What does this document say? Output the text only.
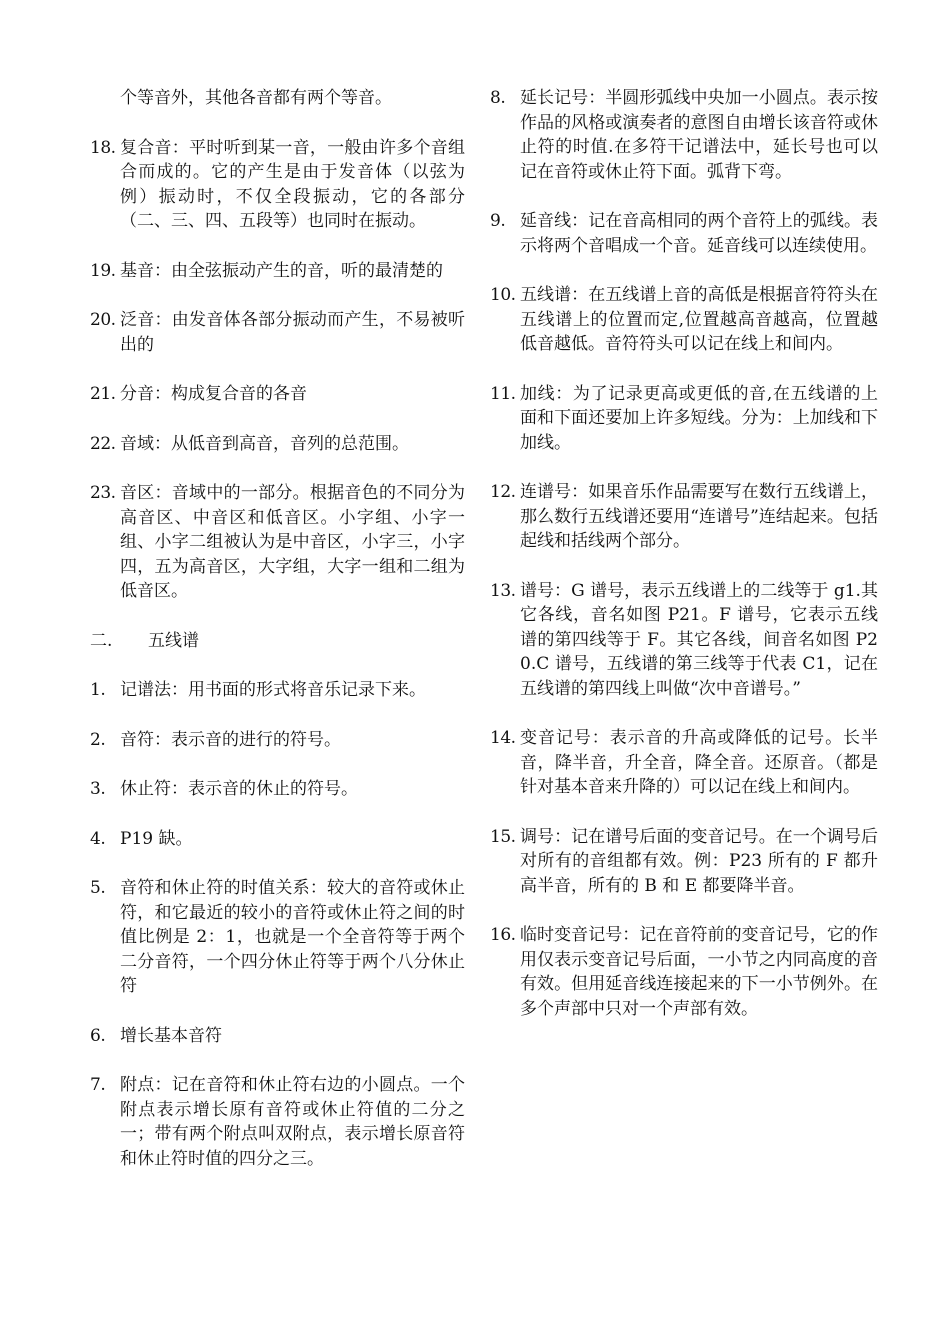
个等音外，其他各音都有两个等音。
18. 复合音：平时听到某一音，一般由许多个音组合而成的。它的产生是由于发音体（以弦为例）振动时，不仅全段振动，它的各部分（二、三、四、五段等）也同时在振动。
19. 基音：由全弦振动产生的音，听的最清楚的
20. 泛音：由发音体各部分振动而产生，不易被听出的
21. 分音：构成复合音的各音
22. 音域：从低音到高音，音列的总范围。
23. 音区：音域中的一部分。根据音色的不同分为高音区、中音区和低音区。小字组、小字一组、小字二组被认为是中音区，小字三，小字四，五为高音区，大字组，大字一组和二组为低音区。
二.	五线谱
1. 记谱法：用书面的形式将音乐记录下来。
2. 音符：表示音的进行的符号。
3. 休止符：表示音的休止的符号。
4. P19 缺。
5. 音符和休止符的时值关系：较大的音符或休止符，和它最近的较小的音符或休止符之间的时值比例是 2：1，也就是一个全音符等于两个二分音符，一个四分休止符等于两个八分休止符
6. 增长基本音符
7. 附点：记在音符和休止符右边的小圆点。一个附点表示增长原有音符或休止符值的二分之一；带有两个附点叫双附点，表示增长原音符和休止符时值的四分之三。
8. 延长记号：半圆形弧线中央加一小圆点。表示按作品的风格或演奏者的意图自由增长该音符或休止符的时值.在多符干记谱法中，延长号也可以记在音符或休止符下面。弧背下弯。
9. 延音线：记在音高相同的两个音符上的弧线。表示将两个音唱成一个音。延音线可以连续使用。
10. 五线谱：在五线谱上音的高低是根据音符符头在五线谱上的位置而定,位置越高音越高，位置越低音越低。音符符头可以记在线上和间内。
11. 加线：为了记录更高或更低的音,在五线谱的上面和下面还要加上许多短线。分为：上加线和下加线。
12. 连谱号：如果音乐作品需要写在数行五线谱上，那么数行五线谱还要用“连谱号”连结起来。包括起线和括线两个部分。
13. 谱号：G 谱号，表示五线谱上的二线等于 g1.其它各线，音名如图 P21。F 谱号，它表示五线谱的第四线等于 F。其它各线，间音名如图 P20.C 谱号，五线谱的第三线等于代表 C1，记在五线谱的第四线上叫做“次中音谱号。”
14. 变音记号：表示音的升高或降低的记号。长半音，降半音，升全音，降全音。还原音。（都是针对基本音来升降的）可以记在线上和间内。
15. 调号：记在谱号后面的变音记号。在一个调号后对所有的音组都有效。例：P23 所有的 F 都升高半音，所有的 B 和 E 都要降半音。
16. 临时变音记号：记在音符前的变音记号，它的作用仅表示变音记号后面，一小节之内同高度的音有效。但用延音线连接起来的下一小节例外。在多个声部中只对一个声部有效。
